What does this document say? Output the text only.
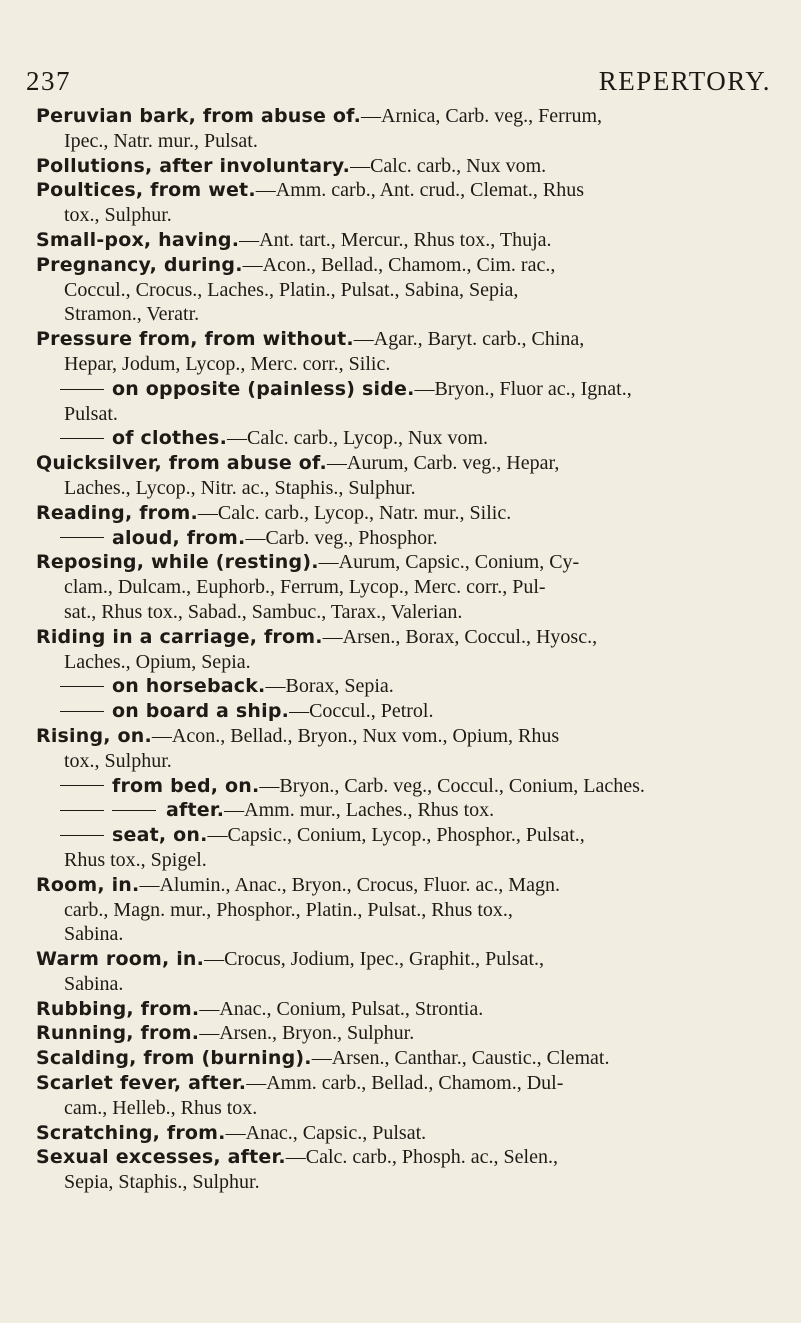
237	REPERTORY.
Peruvian bark, from abuse of.—Arnica, Carb. veg., Ferrum,
Ipec., Natr. mur., Pulsat.
Pollutions, after involuntary.—Calc. carb., Nux vom.
Poultices, from wet.—Amm. carb., Ant. crud., Clemat., Rhus
tox., Sulphur.
Small-pox, having.—Ant. tart., Mercur., Rhus tox., Thuja.
Pregnancy, during.—Acon., Bellad., Chamom., Cim. rac.,
Coccul., Crocus., Laches., Platin., Pulsat., Sabina, Sepia,
Stramon., Veratr.
Pressure from, from without.—Agar., Baryt. carb., China,
Hepar, Jodum, Lycop., Merc. corr., Silic.
on opposite (painless) side.—Bryon., Fluor ac., Ignat.,
Pulsat.
of clothes.—Calc. carb., Lycop., Nux vom.
Quicksilver, from abuse of.—Aurum, Carb. veg., Hepar,
Laches., Lycop., Nitr. ac., Staphis., Sulphur.
Reading, from.—Calc. carb., Lycop., Natr. mur., Silic.
aloud, from.—Carb. veg., Phosphor.
Reposing, while (resting).—Aurum, Capsic., Conium, Cy-
clam., Dulcam., Euphorb., Ferrum, Lycop., Merc. corr., Pul-
sat., Rhus tox., Sabad., Sambuc., Tarax., Valerian.
Riding in a carriage, from.—Arsen., Borax, Coccul., Hyosc.,
Laches., Opium, Sepia.
on horseback.—Borax, Sepia.
on board a ship.—Coccul., Petrol.
Rising, on.—Acon., Bellad., Bryon., Nux vom., Opium, Rhus
tox., Sulphur.
from bed, on.—Bryon., Carb. veg., Coccul., Conium, Laches.
after.—Amm. mur., Laches., Rhus tox.
seat, on.—Capsic., Conium, Lycop., Phosphor., Pulsat.,
Rhus tox., Spigel.
Room, in.—Alumin., Anac., Bryon., Crocus, Fluor. ac., Magn.
carb., Magn. mur., Phosphor., Platin., Pulsat., Rhus tox.,
Sabina.
Warm room, in.—Crocus, Jodium, Ipec., Graphit., Pulsat.,
Sabina.
Rubbing, from.—Anac., Conium, Pulsat., Strontia.
Running, from.—Arsen., Bryon., Sulphur.
Scalding, from (burning).—Arsen., Canthar., Caustic., Clemat.
Scarlet fever, after.—Amm. carb., Bellad., Chamom., Dul-
cam., Helleb., Rhus tox.
Scratching, from.—Anac., Capsic., Pulsat.
Sexual excesses, after.—Calc. carb., Phosph. ac., Selen.,
Sepia, Staphis., Sulphur.
